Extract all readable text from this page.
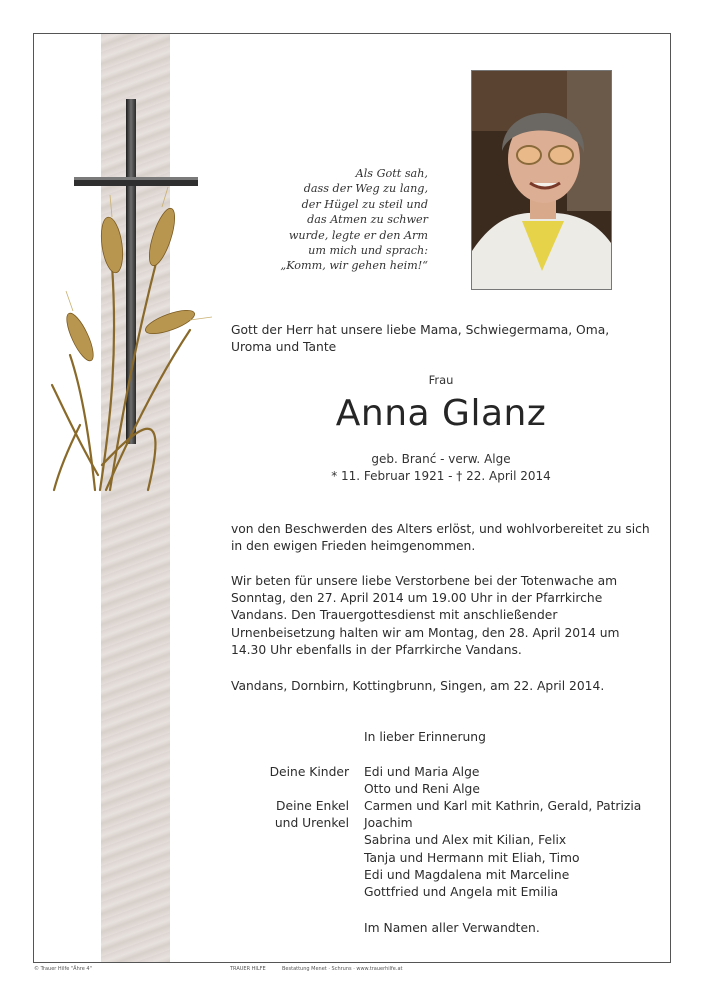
Als Gott sah,
dass der Weg zu lang,
der Hügel zu steil und
das Atmen zu schwer
wurde, legte er den Arm
um mich und sprach:
„Komm, wir gehen heim!“
Gott der Herr hat unsere liebe Mama, Schwiegermama, Oma, Uroma und Tante
Frau
Anna Glanz
geb. Branć - verw. Alge
* 11. Februar 1921 - † 22. April 2014
von den Beschwerden des Alters erlöst, und wohlvorbereitet zu sich in den ewigen Frieden heimgenommen.
Wir beten für unsere liebe Verstorbene bei der Totenwache am Sonntag, den 27. April 2014 um 19.00 Uhr in der Pfarrkirche Vandans. Den Trauergottesdienst mit anschließender Urnenbeisetzung halten wir am Montag, den 28. April 2014 um 14.30 Uhr ebenfalls in der Pfarrkirche Vandans.
Vandans, Dornbirn, Kottingbrunn, Singen, am 22. April 2014.
In lieber Erinnerung
Deine Kinder Edi und Maria Alge
Otto und Reni Alge
Deine Enkel
und Urenkel
Carmen und Karl mit Kathrin, Gerald, Patrizia
Joachim
Sabrina und Alex mit Kilian, Felix
Tanja und Hermann mit Eliah, Timo
Edi und Magdalena mit Marceline
Gottfried und Angela mit Emilia
Im Namen aller Verwandten.
© Trauer Hilfe "Ähre 4"	TRAUER HILFE	Bestattung Menet · Schruns · www.trauerhilfe.at
